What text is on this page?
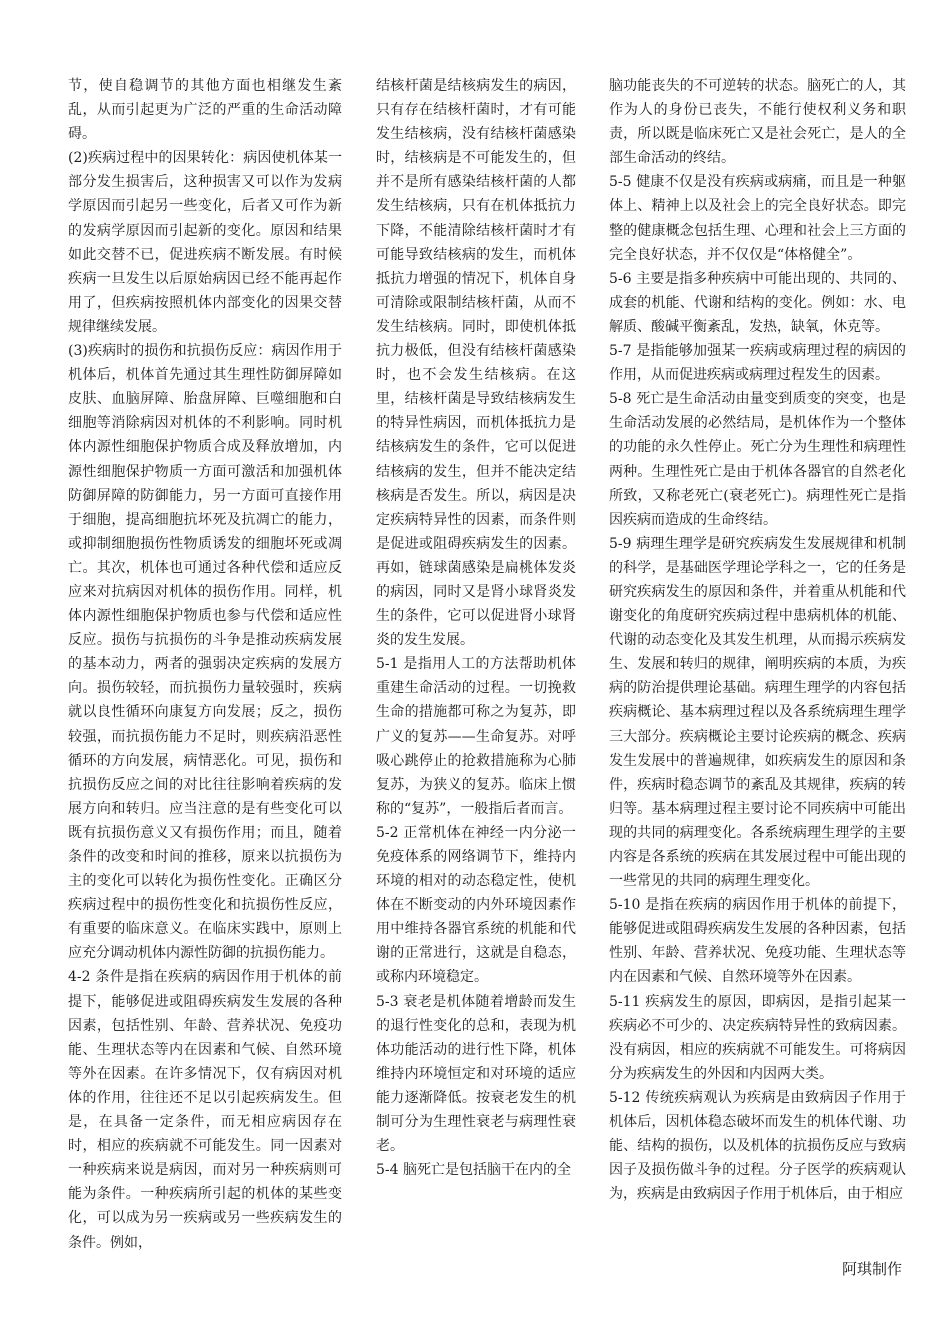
节，使自稳调节的其他方面也相继发生紊乱，从而引起更为广泛的严重的生命活动障碍。

(2)疾病过程中的因果转化：病因使机体某一部分发生损害后，这种损害又可以作为发病学原因而引起另一些变化，后者又可作为新的发病学原因而引起新的变化。原因和结果如此交替不已，促进疾病不断发展。有时候疾病一旦发生以后原始病因已经不能再起作用了，但疾病按照机体内部变化的因果交替规律继续发展。

(3)疾病时的损伤和抗损伤反应：病因作用于机体后，机体首先通过其生理性防御屏障如皮肤、血脑屏障、胎盘屏障、巨噬细胞和白细胞等消除病因对机体的不利影响。同时机体内源性细胞保护物质合成及释放增加，内源性细胞保护物质一方面可激活和加强机体防御屏障的防御能力，另一方面可直接作用于细胞，提高细胞抗坏死及抗凋亡的能力，或抑制细胞损伤性物质诱发的细胞坏死或凋亡。其次，机体也可通过各种代偿和适应反应来对抗病因对机体的损伤作用。同样，机体内源性细胞保护物质也参与代偿和适应性反应。损伤与抗损伤的斗争是推动疾病发展的基本动力，两者的强弱决定疾病的发展方向。损伤较轻，而抗损伤力量较强时，疾病就以良性循环向康复方向发展；反之，损伤较强，而抗损伤能力不足时，则疾病沿恶性循环的方向发展，病情恶化。可见，损伤和抗损伤反应之间的对比往往影响着疾病的发展方向和转归。应当注意的是有些变化可以既有抗损伤意义又有损伤作用；而且，随着条件的改变和时间的推移，原来以抗损伤为主的变化可以转化为损伤性变化。正确区分疾病过程中的损伤性变化和抗损伤性反应，有重要的临床意义。在临床实践中，原则上应充分调动机体内源性防御的抗损伤能力。

4-2 条件是指在疾病的病因作用于机体的前提下，能够促进或阻碍疾病发生发展的各种因素，包括性别、年龄、营养状况、免疫功能、生理状态等内在因素和气候、自然环境等外在因素。在许多情况下，仅有病因对机体的作用，往往还不足以引起疾病发生。但是，在具备一定条件，而无相应病因存在时，相应的疾病就不可能发生。同一因素对一种疾病来说是病因，而对另一种疾病则可能为条件。一种疾病所引起的机体的某些变化，可以成为另一疾病或另一些疾病发生的条件。例如，

结核杆菌是结核病发生的病因，只有存在结核杆菌时，才有可能发生结核病，没有结核杆菌感染时，结核病是不可能发生的，但并不是所有感染结核杆菌的人都发生结核病，只有在机体抵抗力下降，不能清除结核杆菌时才有可能导致结核病的发生，而机体抵抗力增强的情况下，机体自身可清除或限制结核杆菌，从而不发生结核病。同时，即使机体抵抗力极低，但没有结核杆菌感染时，也不会发生结核病。在这里，结核杆菌是导致结核病发生的特异性病因，而机体抵抗力是结核病发生的条件，它可以促进结核病的发生，但并不能决定结核病是否发生。所以，病因是决定疾病特异性的因素，而条件则是促进或阻碍疾病发生的因素。再如，链球菌感染是扁桃体发炎的病因，同时又是肾小球肾炎发生的条件，它可以促进肾小球肾炎的发生发展。

5-1 是指用人工的方法帮助机体重建生命活动的过程。一切挽救生命的措施都可称之为复苏，即广义的复苏——生命复苏。对呼吸心跳停止的抢救措施称为心肺复苏，为狭义的复苏。临床上惯称的“复苏”，一般指后者而言。

5-2 正常机体在神经一内分泌一免疫体系的网络调节下，维持内环境的相对的动态稳定性，使机体在不断变动的内外环境因素作用中维持各器官系统的机能和代谢的正常进行，这就是自稳态，或称内环境稳定。

5-3 衰老是机体随着增龄而发生的退行性变化的总和，表现为机体功能活动的进行性下降，机体维持内环境恒定和对环境的适应能力逐渐降低。按衰老发生的机制可分为生理性衰老与病理性衰老。

5-4 脑死亡是包括脑干在内的全

脑功能丧失的不可逆转的状态。脑死亡的人，其作为人的身份已丧失，不能行使权利义务和职责，所以既是临床死亡又是社会死亡，是人的全部生命活动的终结。

5-5 健康不仅是没有疾病或病痛，而且是一种躯体上、精神上以及社会上的完全良好状态。即完整的健康概念包括生理、心理和社会上三方面的完全良好状态，并不仅仅是“体格健全”。

5-6 主要是指多种疾病中可能出现的、共同的、成套的机能、代谢和结构的变化。例如：水、电解质、酸碱平衡紊乱，发热，缺氧，休克等。

5-7 是指能够加强某一疾病或病理过程的病因的作用，从而促进疾病或病理过程发生的因素。

5-8 死亡是生命活动由量变到质变的突变，也是生命活动发展的必然结局，是机体作为一个整体的功能的永久性停止。死亡分为生理性和病理性两种。生理性死亡是由于机体各器官的自然老化所致，又称老死亡(衰老死亡)。病理性死亡是指因疾病而造成的生命终结。

5-9 病理生理学是研究疾病发生发展规律和机制的科学，是基础医学理论学科之一，它的任务是研究疾病发生的原因和条件，并着重从机能和代谢变化的角度研究疾病过程中患病机体的机能、代谢的动态变化及其发生机理，从而揭示疾病发生、发展和转归的规律，阐明疾病的本质，为疾病的防治提供理论基础。病理生理学的内容包括疾病概论、基本病理过程以及各系统病理生理学三大部分。疾病概论主要讨论疾病的概念、疾病发生发展中的普遍规律，如疾病发生的原因和条件，疾病时稳态调节的紊乱及其规律，疾病的转归等。基本病理过程主要讨论不同疾病中可能出现的共同的病理变化。各系统病理生理学的主要内容是各系统的疾病在其发展过程中可能出现的一些常见的共同的病理生理变化。

5-10 是指在疾病的病因作用于机体的前提下，能够促进或阻碍疾病发生发展的各种因素，包括性别、年龄、营养状况、免疫功能、生理状态等内在因素和气候、自然环境等外在因素。

5-11 疾病发生的原因，即病因，是指引起某一疾病必不可少的、决定疾病特异性的致病因素。没有病因，相应的疾病就不可能发生。可将病因分为疾病发生的外因和内因两大类。

5-12 传统疾病观认为疾病是由致病因子作用于机体后，因机体稳态破坏而发生的机体代谢、功能、结构的损伤，以及机体的抗损伤反应与致病因子及损伤做斗争的过程。分子医学的疾病观认为，疾病是由致病因子作用于机体后，由于相应

阿琪制作
